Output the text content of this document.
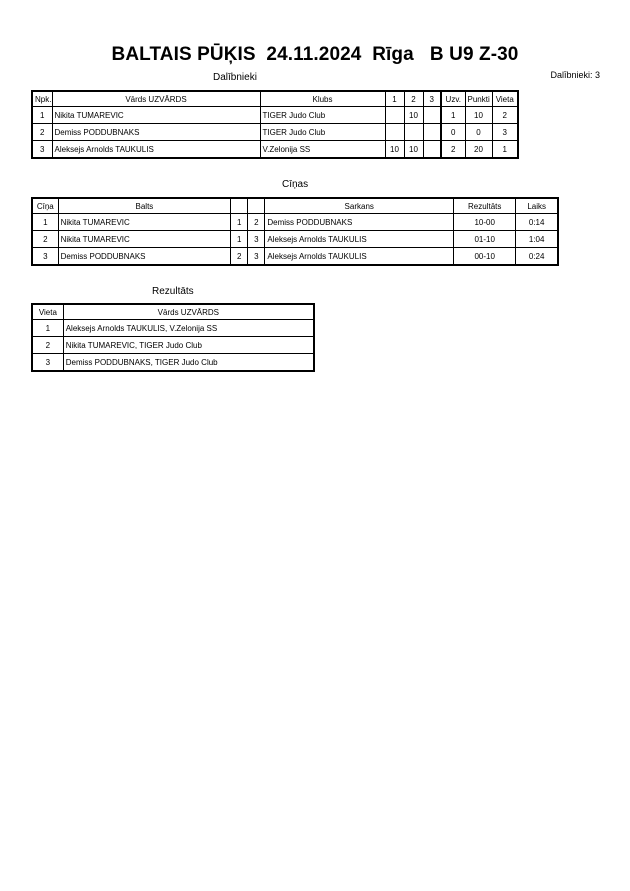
BALTAIS PŪĶIS  24.11.2024  Rīga   B U9 Z-30
Dalībnieki: 3
Dalībnieki
Npk.	Vārds UZVĀRDS	Klubs	1	2	3	Uzv.	Punkti	Vieta
1	Nikita TUMAREVIC	TIGER Judo Club		10		1	10	2
2	Demiss PODDUBNAKS	TIGER Judo Club				0	0	3
3	Aleksejs Arnolds TAUKULIS	V.Zelonija SS	10	10		2	20	1
Cīņas
Cīņa	Balts			Sarkans	Rezultāts	Laiks
1	Nikita TUMAREVIC	1	2	Demiss PODDUBNAKS	10-00	0:14
2	Nikita TUMAREVIC	1	3	Aleksejs Arnolds TAUKULIS	01-10	1:04
3	Demiss PODDUBNAKS	2	3	Aleksejs Arnolds TAUKULIS	00-10	0:24
Rezultāts
Vieta	Vārds UZVĀRDS
1	Aleksejs Arnolds TAUKULIS, V.Zelonija SS
2	Nikita TUMAREVIC, TIGER Judo Club
3	Demiss PODDUBNAKS, TIGER Judo Club
